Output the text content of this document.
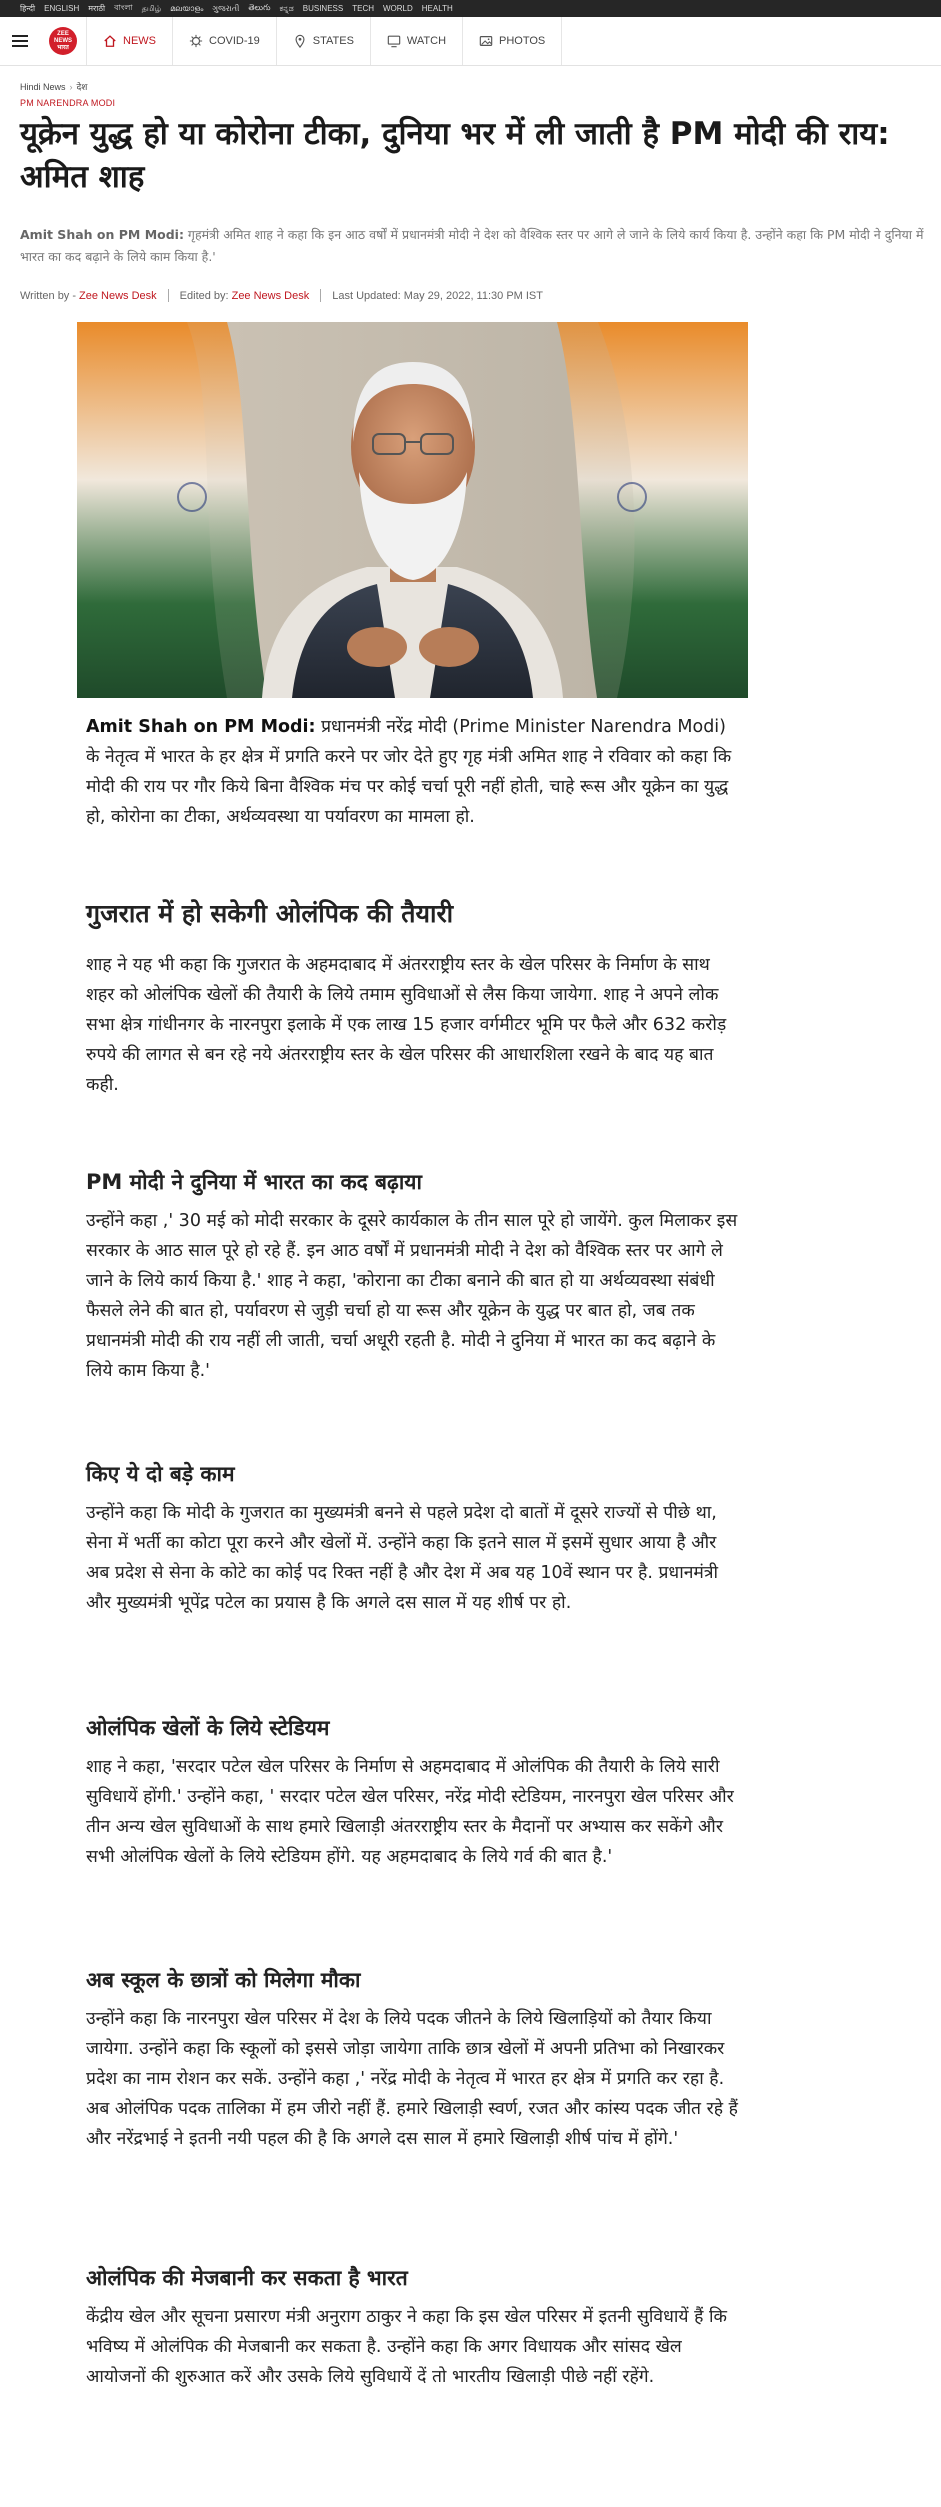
हिन्दी ENGLISH मराठी বাংলা தமிழ் മലയാളം ગુજરાતી తెలుగు ಕನ್ನಡ BUSINESS TECH WORLD HEALTH
ZEE
NEWS
भारत
NEWS	COVID-19	STATES	WATCH	PHOTOS
Hindi News › देश
PM NARENDRA MODI
यूक्रेन युद्ध हो या कोरोना टीका, दुनिया भर में ली जाती है PM मोदी की राय: अमित शाह

Amit Shah on PM Modi: गृहमंत्री अमित शाह ने कहा कि इन आठ वर्षों में प्रधानमंत्री मोदी ने देश को वैश्विक स्तर पर आगे ले जाने के लिये कार्य किया है. उन्होंने कहा कि PM मोदी ने दुनिया में भारत का कद बढ़ाने के लिये काम किया है.'

Written by - Zee News Desk Edited by: Zee News Desk Last Updated: May 29, 2022, 11:30 PM IST

Amit Shah on PM Modi: प्रधानमंत्री नरेंद्र मोदी (Prime Minister Narendra Modi) के नेतृत्व में भारत के हर क्षेत्र में प्रगति करने पर जोर देते हुए गृह मंत्री अमित शाह ने रविवार को कहा कि मोदी की राय पर गौर किये बिना वैश्विक मंच पर कोई चर्चा पूरी नहीं होती, चाहे रूस और यूक्रेन का युद्ध हो, कोरोना का टीका, अर्थव्यवस्था या पर्यावरण का मामला हो.

गुजरात में हो सकेगी ओलंपिक की तैयारी

शाह ने यह भी कहा कि गुजरात के अहमदाबाद में अंतरराष्ट्रीय स्तर के खेल परिसर के निर्माण के साथ शहर को ओलंपिक खेलों की तैयारी के लिये तमाम सुविधाओं से लैस किया जायेगा. शाह ने अपने लोक सभा क्षेत्र गांधीनगर के नारनपुरा इलाके में एक लाख 15 हजार वर्गमीटर भूमि पर फैले और 632 करोड़ रुपये की लागत से बन रहे नये अंतरराष्ट्रीय स्तर के खेल परिसर की आधारशिला रखने के बाद यह बात कही.

PM मोदी ने दुनिया में भारत का कद बढ़ाया

उन्होंने कहा ,' 30 मई को मोदी सरकार के दूसरे कार्यकाल के तीन साल पूरे हो जायेंगे. कुल मिलाकर इस सरकार के आठ साल पूरे हो रहे हैं. इन आठ वर्षों में प्रधानमंत्री मोदी ने देश को वैश्विक स्तर पर आगे ले जाने के लिये कार्य किया है.' शाह ने कहा, 'कोराना का टीका बनाने की बात हो या अर्थव्यवस्था संबंधी फैसले लेने की बात हो, पर्यावरण से जुड़ी चर्चा हो या रूस और यूक्रेन के युद्ध पर बात हो, जब तक प्रधानमंत्री मोदी की राय नहीं ली जाती, चर्चा अधूरी रहती है. मोदी ने दुनिया में भारत का कद बढ़ाने के लिये काम किया है.'

किए ये दो बड़े काम

उन्होंने कहा कि मोदी के गुजरात का मुख्यमंत्री बनने से पहले प्रदेश दो बातों में दूसरे राज्यों से पीछे था, सेना में भर्ती का कोटा पूरा करने और खेलों में. उन्होंने कहा कि इतने साल में इसमें सुधार आया है और अब प्रदेश से सेना के कोटे का कोई पद रिक्त नहीं है और देश में अब यह 10वें स्थान पर है. प्रधानमंत्री और मुख्यमंत्री भूपेंद्र पटेल का प्रयास है कि अगले दस साल में यह शीर्ष पर हो.

ओलंपिक खेलों के लिये स्टेडियम

शाह ने कहा, 'सरदार पटेल खेल परिसर के निर्माण से अहमदाबाद में ओलंपिक की तैयारी के लिये सारी सुविधायें होंगी.' उन्होंने कहा, ' सरदार पटेल खेल परिसर, नरेंद्र मोदी स्टेडियम, नारनपुरा खेल परिसर और तीन अन्य खेल सुविधाओं के साथ हमारे खिलाड़ी अंतरराष्ट्रीय स्तर के मैदानों पर अभ्यास कर सकेंगे और सभी ओलंपिक खेलों के लिये स्टेडियम होंगे. यह अहमदाबाद के लिये गर्व की बात है.'

अब स्कूल के छात्रों को मिलेगा मौका

उन्होंने कहा कि नारनपुरा खेल परिसर में देश के लिये पदक जीतने के लिये खिलाड़ियों को तैयार किया जायेगा. उन्होंने कहा कि स्कूलों को इससे जोड़ा जायेगा ताकि छात्र खेलों में अपनी प्रतिभा को निखारकर प्रदेश का नाम रोशन कर सकें. उन्होंने कहा ,' नरेंद्र मोदी के नेतृत्व में भारत हर क्षेत्र में प्रगति कर रहा है. अब ओलंपिक पदक तालिका में हम जीरो नहीं हैं. हमारे खिलाड़ी स्वर्ण, रजत और कांस्य पदक जीत रहे हैं और नरेंद्रभाई ने इतनी नयी पहल की है कि अगले दस साल में हमारे खिलाड़ी शीर्ष पांच में होंगे.'

ओलंपिक की मेजबानी कर सकता है भारत

केंद्रीय खेल और सूचना प्रसारण मंत्री अनुराग ठाकुर ने कहा कि इस खेल परिसर में इतनी सुविधायें हैं कि भविष्य में ओलंपिक की मेजबानी कर सकता है. उन्होंने कहा कि अगर विधायक और सांसद खेल आयोजनों की शुरुआत करें और उसके लिये सुविधायें दें तो भारतीय खिलाड़ी पीछे नहीं रहेंगे.
